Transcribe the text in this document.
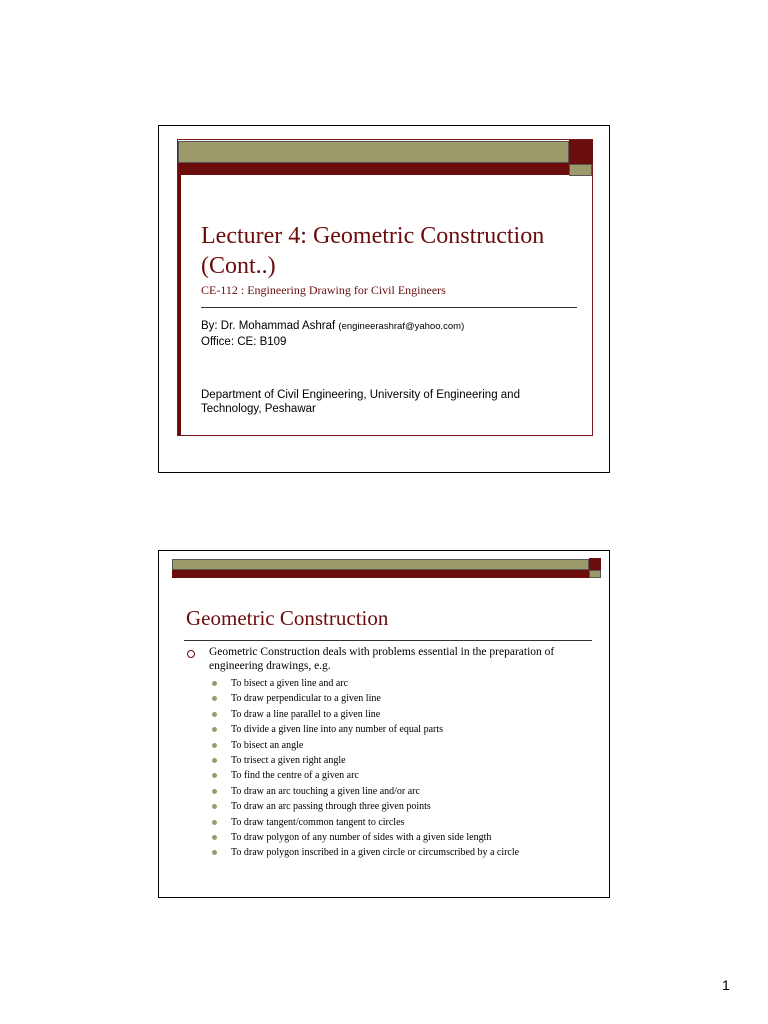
Lecturer 4: Geometric Construction (Cont..)
CE-112 : Engineering Drawing for Civil Engineers
By: Dr. Mohammad Ashraf (engineerashraf@yahoo.com)
Office: CE: B109
Department of Civil Engineering, University of Engineering and Technology, Peshawar
Geometric Construction
Geometric Construction deals with problems essential in the preparation of engineering drawings, e.g.
To bisect a given line and arc
To draw perpendicular to a given line
To draw a line parallel to a given line
To divide a given line into any number of equal parts
To bisect an angle
To trisect a given right angle
To find the centre of a given arc
To draw an arc touching a given line and/or arc
To draw an arc passing through three given points
To draw tangent/common tangent to circles
To draw polygon of any number of sides with a given side length
To draw polygon inscribed in a given circle or circumscribed by a circle
1
